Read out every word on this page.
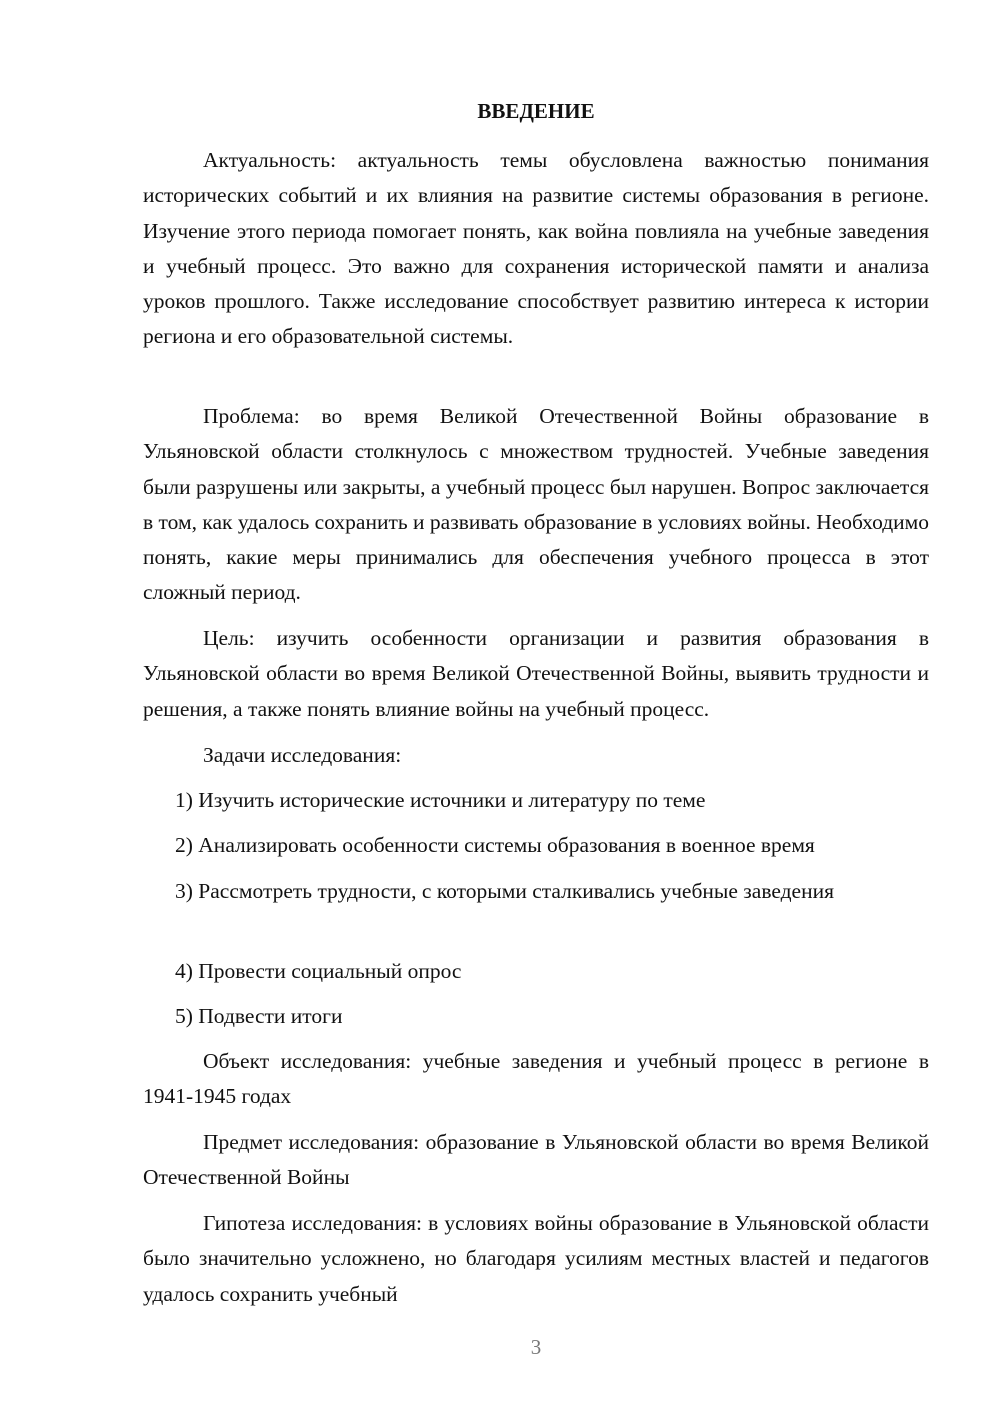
ВВЕДЕНИЕ

Актуальность: актуальность темы обусловлена важностью понимания исторических событий и их влияния на развитие системы образования в регионе. Изучение этого периода помогает понять, как война повлияла на учебные заведения и учебный процесс. Это важно для сохранения исторической памяти и анализа уроков прошлого. Также исследование способствует развитию интереса к истории региона и его образовательной системы.

Проблема: во время Великой Отечественной Войны образование в Ульяновской области столкнулось с множеством трудностей. Учебные заведения были разрушены или закрыты, а учебный процесс был нарушен. Вопрос заключается в том, как удалось сохранить и развивать образование в условиях войны. Необходимо понять, какие меры принимались для обеспечения учебного процесса в этот сложный период.

Цель: изучить особенности организации и развития образования в Ульяновской области во время Великой Отечественной Войны, выявить трудности и решения, а также понять влияние войны на учебный процесс.

Задачи исследования:

1) Изучить исторические источники и литературу по теме

2) Анализировать особенности системы образования в военное время

3) Рассмотреть трудности, с которыми сталкивались учебные заведения

4) Провести социальный опрос

5) Подвести итоги

Объект исследования: учебные заведения и учебный процесс в регионе в 1941-1945 годах

Предмет исследования: образование в Ульяновской области во время Великой Отечественной Войны

Гипотеза исследования: в условиях войны образование в Ульяновской области было значительно усложнено, но благодаря усилиям местных властей и педагогов удалось сохранить учебный

3
